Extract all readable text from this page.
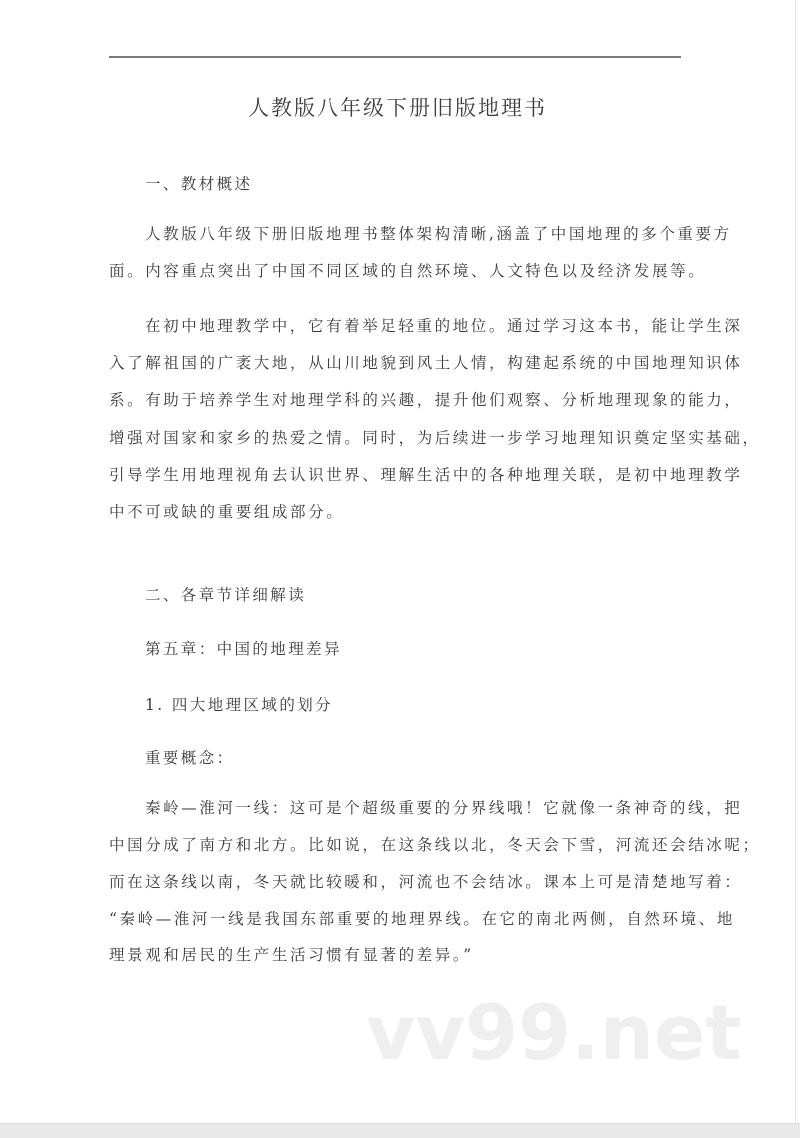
人教版八年级下册旧版地理书
一、教材概述
人教版八年级下册旧版地理书整体架构清晰,涵盖了中国地理的多个重要方
面。内容重点突出了中国不同区域的自然环境、人文特色以及经济发展等。
在初中地理教学中，它有着举足轻重的地位。通过学习这本书，能让学生深
入了解祖国的广袤大地，从山川地貌到风土人情，构建起系统的中国地理知识体
系。有助于培养学生对地理学科的兴趣，提升他们观察、分析地理现象的能力，
增强对国家和家乡的热爱之情。同时，为后续进一步学习地理知识奠定坚实基础，
引导学生用地理视角去认识世界、理解生活中的各种地理关联，是初中地理教学
中不可或缺的重要组成部分。
二、各章节详细解读
第五章：中国的地理差异
1. 四大地理区域的划分
重要概念：
秦岭—淮河一线：这可是个超级重要的分界线哦！它就像一条神奇的线，把
中国分成了南方和北方。比如说，在这条线以北，冬天会下雪，河流还会结冰呢；
而在这条线以南，冬天就比较暖和，河流也不会结冰。课本上可是清楚地写着：
“秦岭—淮河一线是我国东部重要的地理界线。在它的南北两侧，自然环境、地
理景观和居民的生产生活习惯有显著的差异。”
vv99.net
